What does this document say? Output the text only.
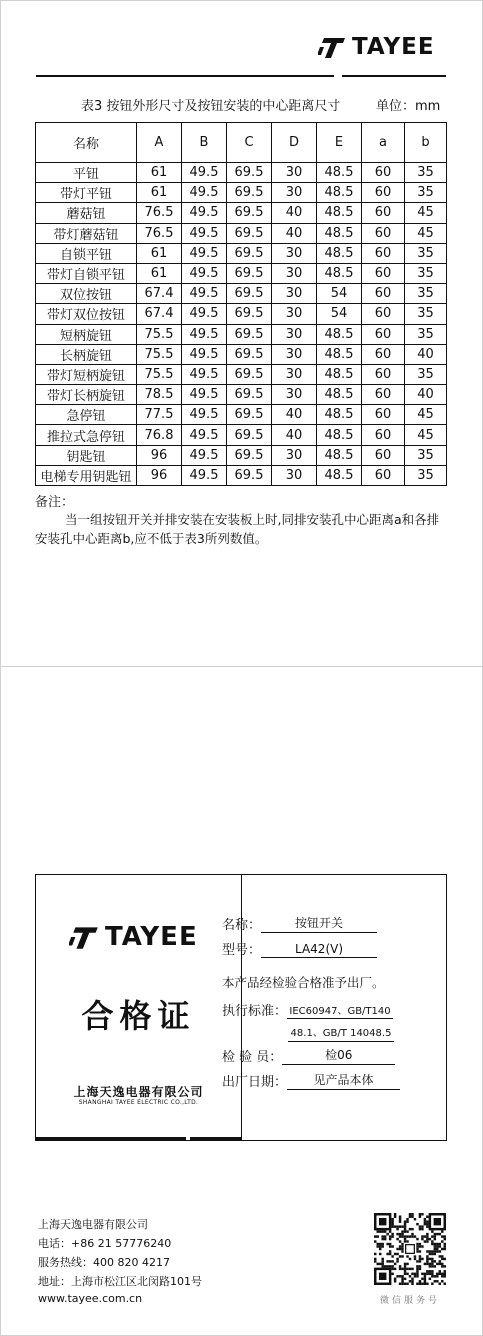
TAYEE
表3 按钮外形尺寸及按钮安装的中心距离尺寸	单位：mm
名称	A	B	C	D	E	a	b
平钮	61	49.5	69.5	30	48.5	60	35
带灯平钮	61	49.5	69.5	30	48.5	60	35
蘑菇钮	76.5	49.5	69.5	40	48.5	60	45
带灯蘑菇钮	76.5	49.5	69.5	40	48.5	60	45
自锁平钮	61	49.5	69.5	30	48.5	60	35
带灯自锁平钮	61	49.5	69.5	30	48.5	60	35
双位按钮	67.4	49.5	69.5	30	54	60	35
带灯双位按钮	67.4	49.5	69.5	30	54	60	35
短柄旋钮	75.5	49.5	69.5	30	48.5	60	35
长柄旋钮	75.5	49.5	69.5	30	48.5	60	40
带灯短柄旋钮	75.5	49.5	69.5	30	48.5	60	35
带灯长柄旋钮	78.5	49.5	69.5	30	48.5	60	40
急停钮	77.5	49.5	69.5	40	48.5	60	45
推拉式急停钮	76.8	49.5	69.5	40	48.5	60	45
钥匙钮	96	49.5	69.5	30	48.5	60	35
电梯专用钥匙钮	96	49.5	69.5	30	48.5	60	35
备注：
当一组按钮开关并排安装在安装板上时,同排安装孔中心距离a和各排安装孔中心距离b,应不低于表3所列数值。
TAYEE
合格证
上海天逸电器有限公司
SHANGHAI TAYEE ELECTRIC CO.,LTD.
名称：	按钮开关
型号：	LA42(V)
本产品经检验合格准予出厂。
执行标准： IEC60947、GB/T140
48.1、GB/T 14048.5
检 验 员：	检06
出厂日期：	见产品本体
上海天逸电器有限公司
电话：+86 21 57776240
服务热线：400 820 4217
地址：上海市松江区北闵路101号
www.tayee.com.cn	微信服务号
